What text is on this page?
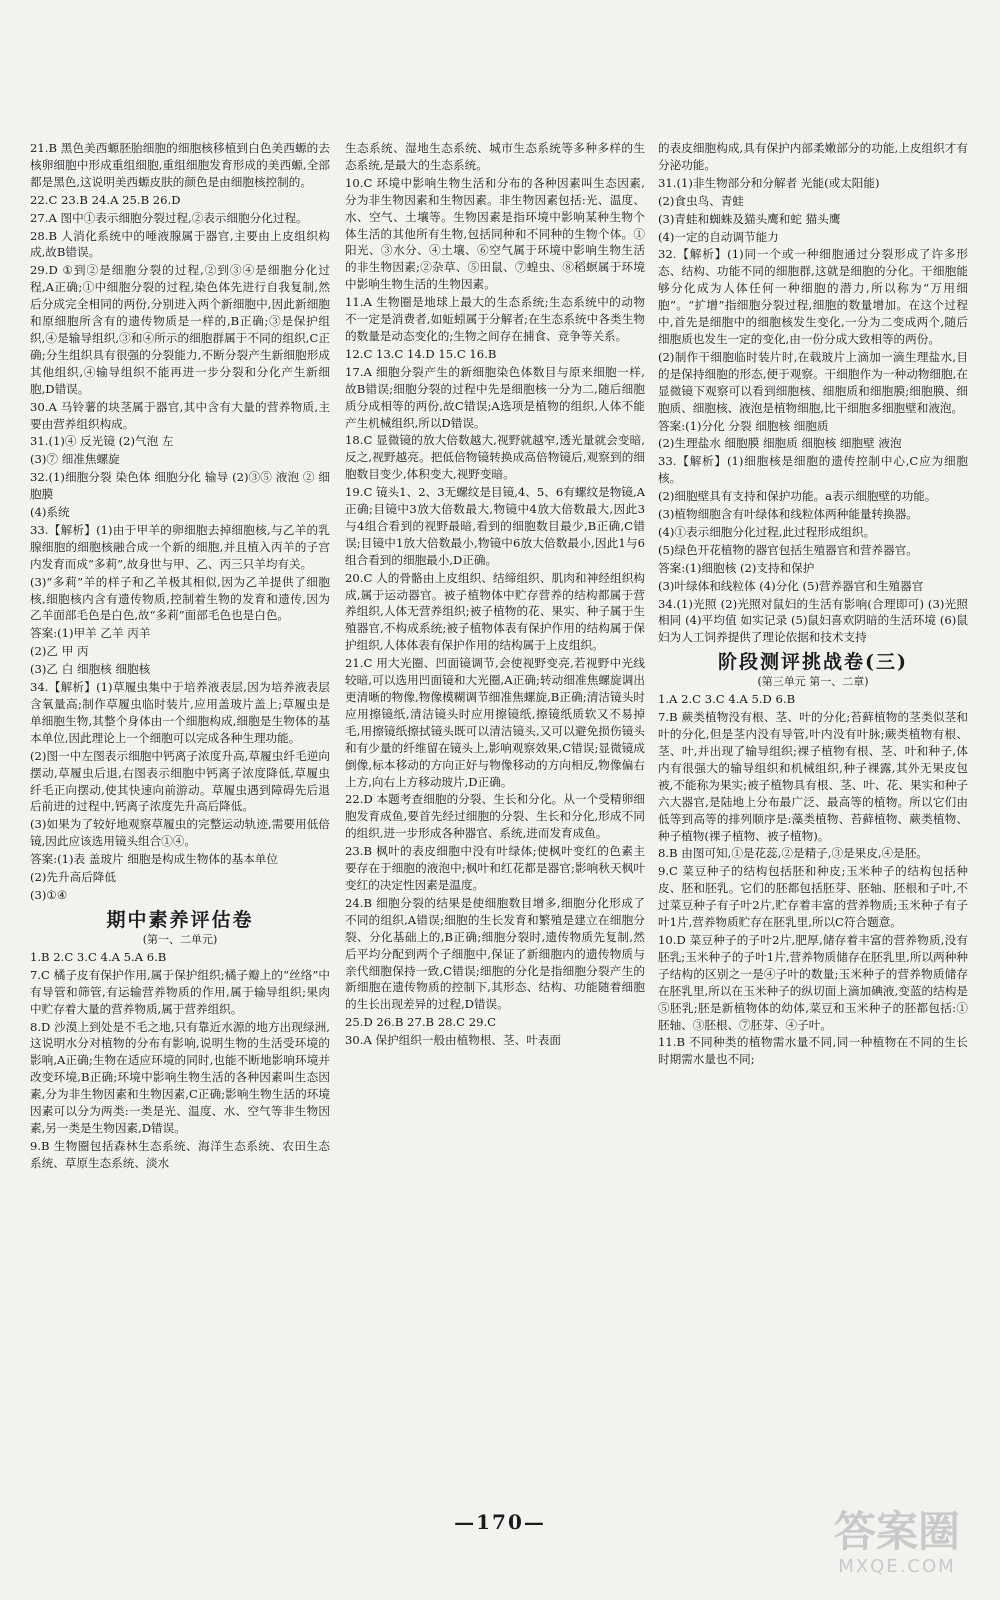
21.B 黑色美西螈胚胎细胞的细胞核移植到白色美西螈的去核卵细胞中形成重组细胞,重组细胞发育形成的美西螈,全部都是黑色,这说明美西螈皮肤的颜色是由细胞核控制的。

22.C 23.B 24.A 25.B 26.D

27.A 图中①表示细胞分裂过程,②表示细胞分化过程。

28.B 人消化系统中的唾液腺属于器官,主要由上皮组织构成,故B错误。

29.D ①到②是细胞分裂的过程,②到③④是细胞分化过程,A正确;①中细胞分裂的过程,染色体先进行自我复制,然后分成完全相同的两份,分别进入两个新细胞中,因此新细胞和原细胞所含有的遗传物质是一样的,B正确;③是保护组织,④是输导组织,③和④所示的细胞群属于不同的组织,C正确;分生组织具有很强的分裂能力,不断分裂产生新细胞形成其他组织,④输导组织不能再进一步分裂和分化产生新细胞,D错误。

30.A 马铃薯的块茎属于器官,其中含有大量的营养物质,主要由营养组织构成。

31.(1)④ 反光镜 (2)气泡 左

(3)⑦ 细准焦螺旋

32.(1)细胞分裂 染色体 细胞分化 输导 (2)③⑤ 液泡 ② 细胞膜

(4)系统

33.【解析】(1)由于甲羊的卵细胞去掉细胞核,与乙羊的乳腺细胞的细胞核融合成一个新的细胞,并且植入丙羊的子宫内发育而成“多莉”,故身世与甲、乙、丙三只羊均有关。

(3)“多莉”羊的样子和乙羊极其相似,因为乙羊提供了细胞核,细胞核内含有遗传物质,控制着生物的发育和遗传,因为乙羊面部毛色是白色,故“多莉”面部毛色也是白色。

答案:(1)甲羊 乙羊 丙羊

(2)乙 甲 丙

(3)乙 白 细胞核 细胞核

34.【解析】(1)草履虫集中于培养液表层,因为培养液表层含氧量高;制作草履虫临时装片,应用盖玻片盖上;草履虫是单细胞生物,其整个身体由一个细胞构成,细胞是生物体的基本单位,因此理论上一个细胞可以完成各种生理功能。

(2)图一中左图表示细胞中钙离子浓度升高,草履虫纤毛逆向摆动,草履虫后退,右图表示细胞中钙离子浓度降低,草履虫纤毛正向摆动,使其快速向前游动。草履虫遇到障碍先后退后前进的过程中,钙离子浓度先升高后降低。

(3)如果为了较好地观察草履虫的完整运动轨迹,需要用低倍镜,因此应该选用镜头组合①④。

答案:(1)表 盖玻片 细胞是构成生物体的基本单位

(2)先升高后降低

(3)①④

期中素养评估卷
(第一、二单元)

1.B 2.C 3.C 4.A 5.A 6.B

7.C 橘子皮有保护作用,属于保护组织;橘子瓣上的“丝络”中有导管和筛管,有运输营养物质的作用,属于输导组织;果肉中贮存着大量的营养物质,属于营养组织。

8.D 沙漠上到处是不毛之地,只有靠近水源的地方出现绿洲,这说明水分对植物的分布有影响,说明生物的生活受环境的影响,A正确;生物在适应环境的同时,也能不断地影响环境并改变环境,B正确;环境中影响生物生活的各种因素叫生态因素,分为非生物因素和生物因素,C正确;影响生物生活的环境因素可以分为两类:一类是光、温度、水、空气等非生物因素,另一类是生物因素,D错误。

9.B 生物圈包括森林生态系统、海洋生态系统、农田生态系统、草原生态系统、淡水

生态系统、湿地生态系统、城市生态系统等多种多样的生态系统,是最大的生态系统。

10.C 环境中影响生物生活和分布的各种因素叫生态因素,分为非生物因素和生物因素。非生物因素包括:光、温度、水、空气、土壤等。生物因素是指环境中影响某种生物个体生活的其他所有生物,包括同种和不同种的生物个体。①阳光、③水分、④土壤、⑥空气属于环境中影响生物生活的非生物因素;②杂草、⑤田鼠、⑦蝗虫、⑧稻螟属于环境中影响生物生活的生物因素。

11.A 生物圈是地球上最大的生态系统;生态系统中的动物不一定是消费者,如蚯蚓属于分解者;在生态系统中各类生物的数量是动态变化的;生物之间存在捕食、竞争等关系。

12.C 13.C 14.D 15.C 16.B

17.A 细胞分裂产生的新细胞染色体数目与原来细胞一样,故B错误;细胞分裂的过程中先是细胞核一分为二,随后细胞质分成相等的两份,故C错误;A选项是植物的组织,人体不能产生机械组织,所以D错误。

18.C 显微镜的放大倍数越大,视野就越窄,透光量就会变暗,反之,视野越亮。把低倍物镜转换成高倍物镜后,观察到的细胞数目变少,体积变大,视野变暗。

19.C 镜头1、2、3无螺纹是目镜,4、5、6有螺纹是物镜,A正确;目镜中3放大倍数最大,物镜中4放大倍数最大,因此3与4组合看到的视野最暗,看到的细胞数目最少,B正确,C错误;目镜中1放大倍数最小,物镜中6放大倍数最小,因此1与6组合看到的细胞最小,D正确。

20.C 人的骨骼由上皮组织、结缔组织、肌肉和神经组织构成,属于运动器官。被子植物体中贮存营养的结构都属于营养组织,人体无营养组织;被子植物的花、果实、种子属于生殖器官,不构成系统;被子植物体表有保护作用的结构属于保护组织,人体体表有保护作用的结构属于上皮组织。

21.C 用大光圈、凹面镜调节,会使视野变亮,若视野中光线较暗,可以选用凹面镜和大光圈,A正确;转动细准焦螺旋调出更清晰的物像,物像模糊调节细准焦螺旋,B正确;清洁镜头时应用擦镜纸,清洁镜头时应用擦镜纸,擦镜纸质软又不易掉毛,用擦镜纸擦拭镜头既可以清洁镜头,又可以避免损伤镜头和有少量的纤维留在镜头上,影响观察效果,C错误;显微镜成倒像,标本移动的方向正好与物像移动的方向相反,物像偏右上方,向右上方移动玻片,D正确。

22.D 本题考查细胞的分裂、生长和分化。从一个受精卵细胞发育成鱼,要首先经过细胞的分裂、生长和分化,形成不同的组织,进一步形成各种器官、系统,进而发育成鱼。

23.B 枫叶的表皮细胞中没有叶绿体;使枫叶变红的色素主要存在于细胞的液泡中;枫叶和红花都是器官;影响秋天枫叶变红的决定性因素是温度。

24.B 细胞分裂的结果是使细胞数目增多,细胞分化形成了不同的组织,A错误;细胞的生长发育和繁殖是建立在细胞分裂、分化基础上的,B正确;细胞分裂时,遗传物质先复制,然后平均分配到两个子细胞中,保证了新细胞内的遗传物质与亲代细胞保持一致,C错误;细胞的分化是指细胞分裂产生的新细胞在遗传物质的控制下,其形态、结构、功能随着细胞的生长出现差异的过程,D错误。

25.D 26.B 27.B 28.C 29.C

30.A 保护组织一般由植物根、茎、叶表面

的表皮细胞构成,具有保护内部柔嫩部分的功能,上皮组织才有分泌功能。

31.(1)非生物部分和分解者 光能(或太阳能)

(2)食虫鸟、青蛙

(3)青蛙和蜘蛛及猫头鹰和蛇 猫头鹰

(4)一定的自动调节能力

32.【解析】(1)同一个或一种细胞通过分裂形成了许多形态、结构、功能不同的细胞群,这就是细胞的分化。干细胞能够分化成为人体任何一种细胞的潜力,所以称为“万用细胞”。“扩增”指细胞分裂过程,细胞的数量增加。在这个过程中,首先是细胞中的细胞核发生变化,一分为二变成两个,随后细胞质也发生一定的变化,由一份分成大致相等的两份。

(2)制作干细胞临时装片时,在载玻片上滴加一滴生理盐水,目的是保持细胞的形态,便于观察。干细胞作为一种动物细胞,在显微镜下观察可以看到细胞核、细胞质和细胞膜;细胞膜、细胞质、细胞核、液泡是植物细胞,比干细胞多细胞壁和液泡。

答案:(1)分化 分裂 细胞核 细胞质

(2)生理盐水 细胞膜 细胞质 细胞核 细胞壁 液泡

33.【解析】(1)细胞核是细胞的遗传控制中心,C应为细胞核。

(2)细胞壁具有支持和保护功能。a表示细胞壁的功能。

(3)植物细胞含有叶绿体和线粒体两种能量转换器。

(4)①表示细胞分化过程,此过程形成组织。

(5)绿色开花植物的器官包括生殖器官和营养器官。

答案:(1)细胞核 (2)支持和保护

(3)叶绿体和线粒体 (4)分化 (5)营养器官和生殖器官

34.(1)光照 (2)光照对鼠妇的生活有影响(合理即可) (3)光照 相同 (4)平均值 如实记录 (5)鼠妇喜欢阴暗的生活环境 (6)鼠妇为人工饲养提供了理论依据和技术支持

阶段测评挑战卷(三)
(第三单元 第一、二章)

1.A 2.C 3.C 4.A 5.D 6.B

7.B 蕨类植物没有根、茎、叶的分化;苔藓植物的茎类似茎和叶的分化,但是茎内没有导管,叶内没有叶脉;蕨类植物有根、茎、叶,并出现了输导组织;裸子植物有根、茎、叶和种子,体内有很强大的输导组织和机械组织,种子裸露,其外无果皮包被,不能称为果实;被子植物具有根、茎、叶、花、果实和种子六大器官,是陆地上分布最广泛、最高等的植物。所以它们由低等到高等的排列顺序是:藻类植物、苔藓植物、蕨类植物、种子植物(裸子植物、被子植物)。

8.B 由图可知,①是花蕊,②是精子,③是果皮,④是胚。

9.C 菜豆种子的结构包括胚和种皮;玉米种子的结构包括种皮、胚和胚乳。它们的胚都包括胚芽、胚轴、胚根和子叶,不过菜豆种子有子叶2片,贮存着丰富的营养物质;玉米种子有子叶1片,营养物质贮存在胚乳里,所以C符合题意。

10.D 菜豆种子的子叶2片,肥厚,储存着丰富的营养物质,没有胚乳;玉米种子的子叶1片,营养物质储存在胚乳里,所以两种种子结构的区别之一是④子叶的数量;玉米种子的营养物质储存在胚乳里,所以在玉米种子的纵切面上滴加碘液,变蓝的结构是⑤胚乳;胚是新植物体的幼体,菜豆和玉米种子的胚都包括:①胚轴、③胚根、⑦胚芽、④子叶。

11.B 不同种类的植物需水量不同,同一种植物在不同的生长时期需水量也不同;

—170—	答案圈
MXQE.COM
